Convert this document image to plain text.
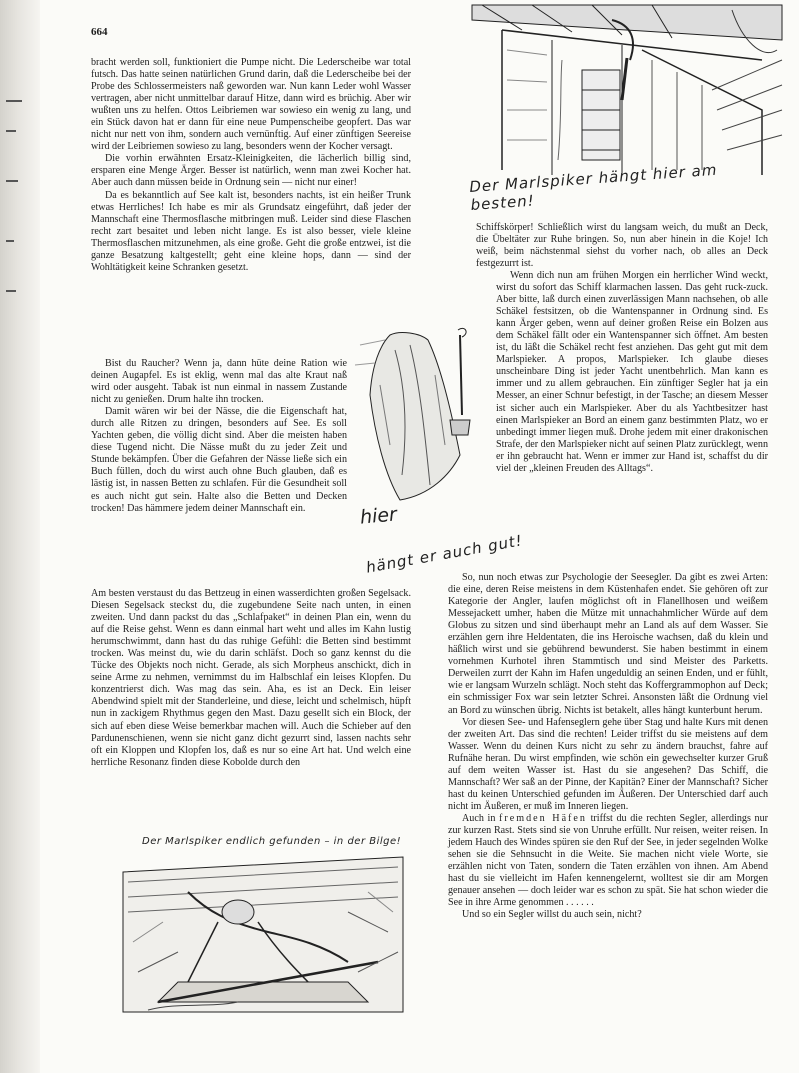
664
Der Marlspiker hängt hier am besten!
hier
hängt er auch gut!
Der Marlspiker endlich gefunden – in der Bilge!

bracht werden soll, funktioniert die Pumpe nicht. Die Lederscheibe war total futsch. Das hatte seinen natürlichen Grund darin, daß die Lederscheibe bei der Probe des Schlossermeisters naß geworden war. Nun kann Leder wohl Wasser vertragen, aber nicht unmittelbar darauf Hitze, dann wird es brüchig. Aber wir wußten uns zu helfen. Ottos Leibriemen war sowieso ein wenig zu lang, und ein Stück davon hat er dann für eine neue Pumpenscheibe geopfert. Das war nicht nur nett von ihm, sondern auch vernünftig. Auf einer zünftigen Seereise wird der Leibriemen sowieso zu lang, besonders wenn der Kocher versagt.

Die vorhin erwähnten Ersatz-Kleinigkeiten, die lächerlich billig sind, ersparen eine Menge Ärger. Besser ist natürlich, wenn man zwei Kocher hat. Aber auch dann müssen beide in Ordnung sein — nicht nur einer!

Da es bekanntlich auf See kalt ist, besonders nachts, ist ein heißer Trunk etwas Herrliches! Ich habe es mir als Grundsatz eingeführt, daß jeder der Mannschaft eine Thermosflasche mitbringen muß. Leider sind diese Flaschen recht zart besaitet und leben nicht lange. Es ist also besser, viele kleine Thermosflaschen mitzunehmen, als eine große. Geht die große entzwei, ist die ganze Besatzung kaltgestellt; geht eine kleine hops, dann — sind der Wohltätigkeit keine Schranken gesetzt.

Bist du Raucher? Wenn ja, dann hüte deine Ration wie deinen Augapfel. Es ist eklig, wenn mal das alte Kraut naß wird oder ausgeht. Tabak ist nun einmal in nassem Zustande nicht zu genießen. Drum halte ihn trocken.

Damit wären wir bei der Nässe, die die Eigenschaft hat, durch alle Ritzen zu dringen, besonders auf See. Es soll Yachten geben, die völlig dicht sind. Aber die meisten haben diese Tugend nicht. Die Nässe mußt du zu jeder Zeit und Stunde bekämpfen. Über die Gefahren der Nässe ließe sich ein Buch füllen, doch du wirst auch ohne Buch glauben, daß es lästig ist, in nassen Betten zu schlafen. Für die Gesundheit soll es auch nicht gut sein. Halte also die Betten und Decken trocken! Das hämmere jedem deiner Mannschaft ein.

Am besten verstaust du das Bettzeug in einen wasserdichten großen Segelsack. Diesen Segelsack steckst du, die zugebundene Seite nach unten, in einen zweiten. Und dann packst du das „Schlafpaket“ in deinen Plan ein, wenn du auf die Reise gehst. Wenn es dann einmal hart weht und alles im Kahn lustig herumschwimmt, dann hast du das ruhige Gefühl: die Betten sind bestimmt trocken. Was meinst du, wie du darin schläfst. Doch so ganz kennst du die Tücke des Objekts noch nicht. Gerade, als sich Morpheus anschickt, dich in seine Arme zu nehmen, vernimmst du im Halbschlaf ein leises Klopfen. Du konzentrierst dich. Was mag das sein. Aha, es ist an Deck. Ein leiser Abendwind spielt mit der Standerleine, und diese, leicht und schelmisch, hüpft nun in zackigem Rhythmus gegen den Mast. Dazu gesellt sich ein Block, der sich auf eben diese Weise bemerkbar machen will. Auch die Schieber auf den Pardunenschienen, wenn sie nicht ganz dicht gezurrt sind, lassen nachts sehr oft ein Kloppen und Klopfen los, daß es nur so eine Art hat. Und welch eine herrliche Resonanz finden diese Kobolde durch den

Schiffskörper! Schließlich wirst du langsam weich, du mußt an Deck, die Übeltäter zur Ruhe bringen. So, nun aber hinein in die Koje! Ich weiß, beim nächstenmal siehst du vorher nach, ob alles an Deck festgezurrt ist.

Wenn dich nun am frühen Morgen ein herrlicher Wind weckt, wirst du sofort das Schiff klarmachen lassen. Das geht ruck-zuck. Aber bitte, laß durch einen zuverlässigen Mann nachsehen, ob alle Schäkel festsitzen, ob die Wantenspanner in Ordnung sind. Es kann Ärger geben, wenn auf deiner großen Reise ein Bolzen aus dem Schäkel fällt oder ein Wantenspanner sich öffnet. Am besten ist, du läßt die Schäkel recht fest anziehen. Das geht gut mit dem Marlspieker. A propos, Marlspieker. Ich glaube dieses unscheinbare Ding ist jeder Yacht unentbehrlich. Man kann es immer und zu allem gebrauchen. Ein zünftiger Segler hat ja ein Messer, an einer Schnur befestigt, in der Tasche; an diesem Messer ist sicher auch ein Marlspieker. Aber du als Yachtbesitzer hast einen Marlspieker an Bord an einem ganz bestimmten Platz, wo er unbedingt immer liegen muß. Drohe jedem mit einer drakonischen Strafe, der den Marlspieker nicht auf seinen Platz zurücklegt, wenn er ihn gebraucht hat. Wenn er immer zur Hand ist, schaffst du dir viel der „kleinen Freuden des Alltags“.

So, nun noch etwas zur Psychologie der Seesegler. Da gibt es zwei Arten: die eine, deren Reise meistens in dem Küstenhafen endet. Sie gehören oft zur Kategorie der Angler, laufen möglichst oft in Flanellhosen und weißem Messejackett umher, haben die Mütze mit unnachahmlicher Würde auf dem Globus zu sitzen und sind überhaupt mehr an Land als auf dem Wasser. Sie erzählen gern ihre Heldentaten, die ins Heroische wachsen, daß du klein und häßlich wirst und sie gebührend bewunderst. Sie haben bestimmt in einem vornehmen Kurhotel ihren Stammtisch und sind Meister des Parketts. Derweilen zurrt der Kahn im Hafen ungeduldig an seinen Enden, und er fühlt, wie er langsam Wurzeln schlägt. Noch steht das Koffergrammophon auf Deck; ein schmissiger Fox war sein letzter Schrei. Ansonsten läßt die Ordnung viel an Bord zu wünschen übrig. Nichts ist betakelt, alles hängt kunterbunt herum.

Vor diesen See- und Hafenseglern gehe über Stag und halte Kurs mit denen der zweiten Art. Das sind die rechten! Leider triffst du sie meistens auf dem Wasser. Wenn du deinen Kurs nicht zu sehr zu ändern brauchst, fahre auf Rufnähe heran. Du wirst empfinden, wie schön ein gewechselter kurzer Gruß auf dem weiten Wasser ist. Hast du sie angesehen? Das Schiff, die Mannschaft? Wer saß an der Pinne, der Kapitän? Einer der Mannschaft? Sicher hast du keinen Unterschied gefunden im Äußeren. Der Unterschied darf auch nicht im Äußeren, er muß im Inneren liegen.

Auch in fremden Häfen triffst du die rechten Segler, allerdings nur zur kurzen Rast. Stets sind sie von Unruhe erfüllt. Nur reisen, weiter reisen. In jedem Hauch des Windes spüren sie den Ruf der See, in jeder segelnden Wolke sehen sie die Sehnsucht in die Weite. Sie machen nicht viele Worte, sie erzählen nicht von Taten, sondern die Taten erzählen von ihnen. Am Abend hast du sie vielleicht im Hafen kennengelernt, wolltest sie dir am Morgen genauer ansehen — doch leider war es schon zu spät. Sie hat schon wieder die See in ihre Arme genommen . . . . . .

Und so ein Segler willst du auch sein, nicht?
